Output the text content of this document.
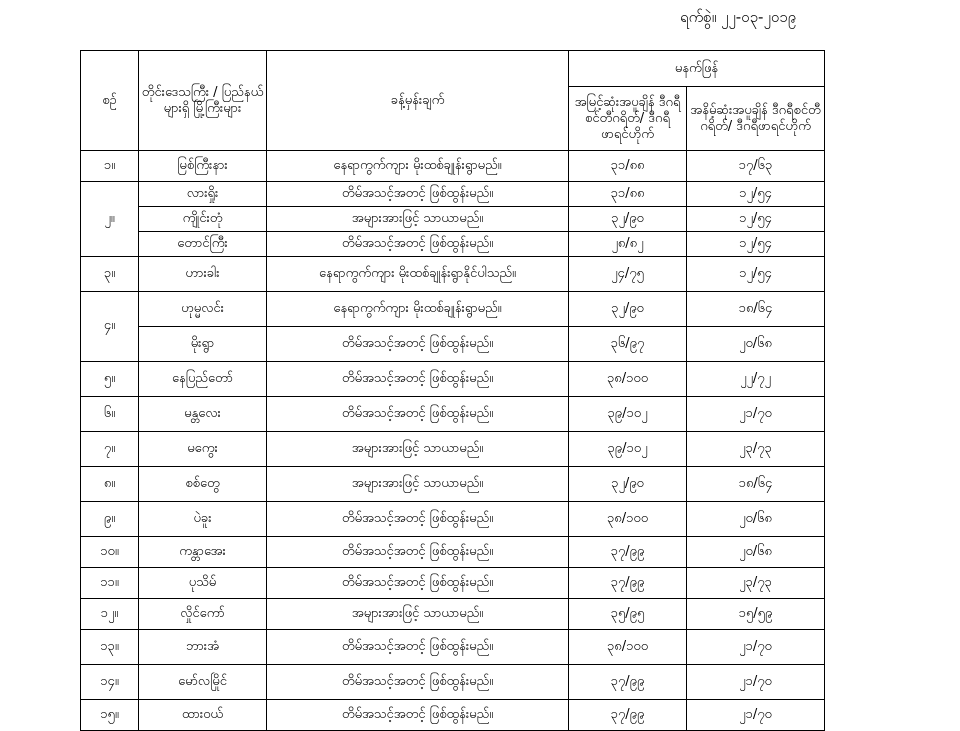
ရက်စွဲ။ ၂၂-၀၃-၂၀၁၉
စဉ်	တိုင်းဒေသကြီး / ပြည်နယ်များရှိ မြို့ကြီးများ	ခန့်မှန်းချက်	မနက်ဖြန်	
			အမြင့်ဆုံးအပူချိန် ဒီဂရီစင်တီဂရိတ်/ ဒီဂရီဖာရင်ဟိုက်	အနိမ့်ဆုံးအပူချိန် ဒီဂရီစင်တီဂရိတ်/ ဒီဂရီဖာရင်ဟိုက်
၁။	မြစ်ကြီးနား	နေရာကွက်ကျား မိုးထစ်ချုန်းရွာမည်။	၃၁/၈၈	၁၇/၆၃
၂။	လားရှိုး	တိမ်အသင့်အတင့် ဖြစ်ထွန်းမည်။	၃၁/၈၈	၁၂/၅၄
	ကျိုင်းတုံ	အများအားဖြင့် သာယာမည်။	၃၂/၉၀	၁၂/၅၄
	တောင်ကြီး	တိမ်အသင့်အတင့် ဖြစ်ထွန်းမည်။	၂၈/၈၂	၁၂/၅၄
၃။	ဟားခါး	နေရာကွက်ကျား မိုးထစ်ချုန်းရွာနိုင်ပါသည်။	၂၄/၇၅	၁၂/၅၄
၄။	ဟုမ္မလင်း	နေရာကွက်ကျား မိုးထစ်ချုန်းရွာမည်။	၃၂/၉၀	၁၈/၆၄
	မိုးရွာ	တိမ်အသင့်အတင့် ဖြစ်ထွန်းမည်။	၃၆/၉၇	၂၀/၆၈
၅။	နေပြည်တော်	တိမ်အသင့်အတင့် ဖြစ်ထွန်းမည်။	၃၈/၁၀၀	၂၂/၇၂
၆။	မန္တလေး	တိမ်အသင့်အတင့် ဖြစ်ထွန်းမည်။	၃၉/၁၀၂	၂၁/၇၀
၇။	မကွေး	အများအားဖြင့် သာယာမည်။	၃၉/၁၀၂	၂၃/၇၃
၈။	စစ်တွေ	အများအားဖြင့် သာယာမည်။	၃၂/၉၀	၁၈/၆၄
၉။	ပဲခူး	တိမ်အသင့်အတင့် ဖြစ်ထွန်းမည်။	၃၈/၁၀၀	၂၀/၆၈
၁၀။	ကန္တာအေး	တိမ်အသင့်အတင့် ဖြစ်ထွန်းမည်။	၃၇/၉၉	၂၀/၆၈
၁၁။	ပုသိမ်	တိမ်အသင့်အတင့် ဖြစ်ထွန်းမည်။	၃၇/၉၉	၂၃/၇၃
၁၂။	လှိုင်ကော်	အများအားဖြင့် သာယာမည်။	၃၅/၉၅	၁၅/၅၉
၁၃။	ဘားအံ	တိမ်အသင့်အတင့် ဖြစ်ထွန်းမည်။	၃၈/၁၀၀	၂၁/၇၀
၁၄။	မော်လမြိုင်	တိမ်အသင့်အတင့် ဖြစ်ထွန်းမည်။	၃၇/၉၉	၂၁/၇၀
၁၅။	ထားဝယ်	တိမ်အသင့်အတင့် ဖြစ်ထွန်းမည်။	၃၇/၉၉	၂၁/၇၀
